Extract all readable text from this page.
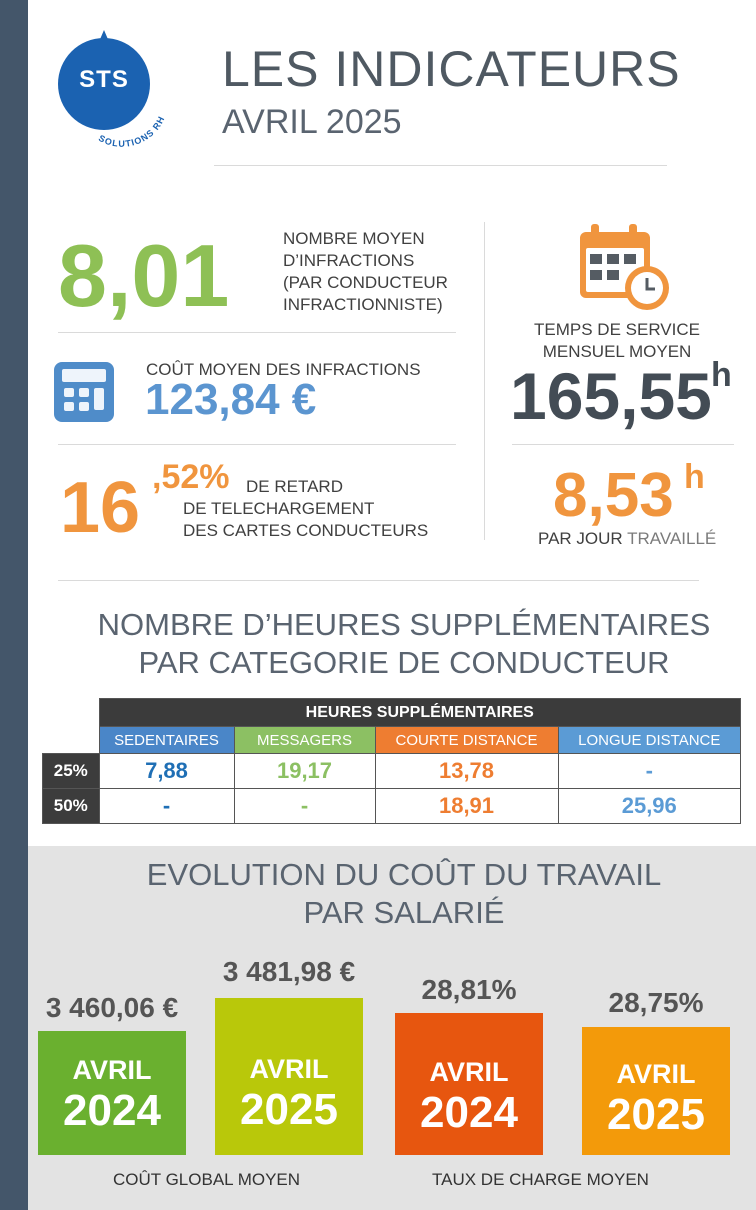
STS
SOLUTIONS RH
LES INDICATEURS
AVRIL 2025
8,01	NOMBRE MOYEN
D’INFRACTIONS
(PAR CONDUCTEUR
INFRACTIONNISTE)
COÛT MOYEN DES INFRACTIONS
123,84 €
16 ,52% DE RETARD
DE TELECHARGEMENT
DES CARTES CONDUCTEURS
TEMPS DE SERVICE
MENSUEL MOYEN
165,55 h
8,53 h
PAR JOUR TRAVAILLÉ
NOMBRE D’HEURES SUPPLÉMENTAIRES
PAR CATEGORIE DE CONDUCTEUR
	HEURES SUPPLÉMENTAIRES			
	SEDENTAIRES	MESSAGERS	COURTE DISTANCE	LONGUE DISTANCE
25%	7,88	19,17	13,78	-
50%	-	-	18,91	25,96
EVOLUTION DU COÛT DU TRAVAIL
PAR SALARIÉ
3 460,06 €
AVRIL
2024
3 481,98 €
AVRIL
2025
28,81%
AVRIL
2024
28,75%
AVRIL
2025
COÛT GLOBAL MOYEN	TAUX DE CHARGE MOYEN
